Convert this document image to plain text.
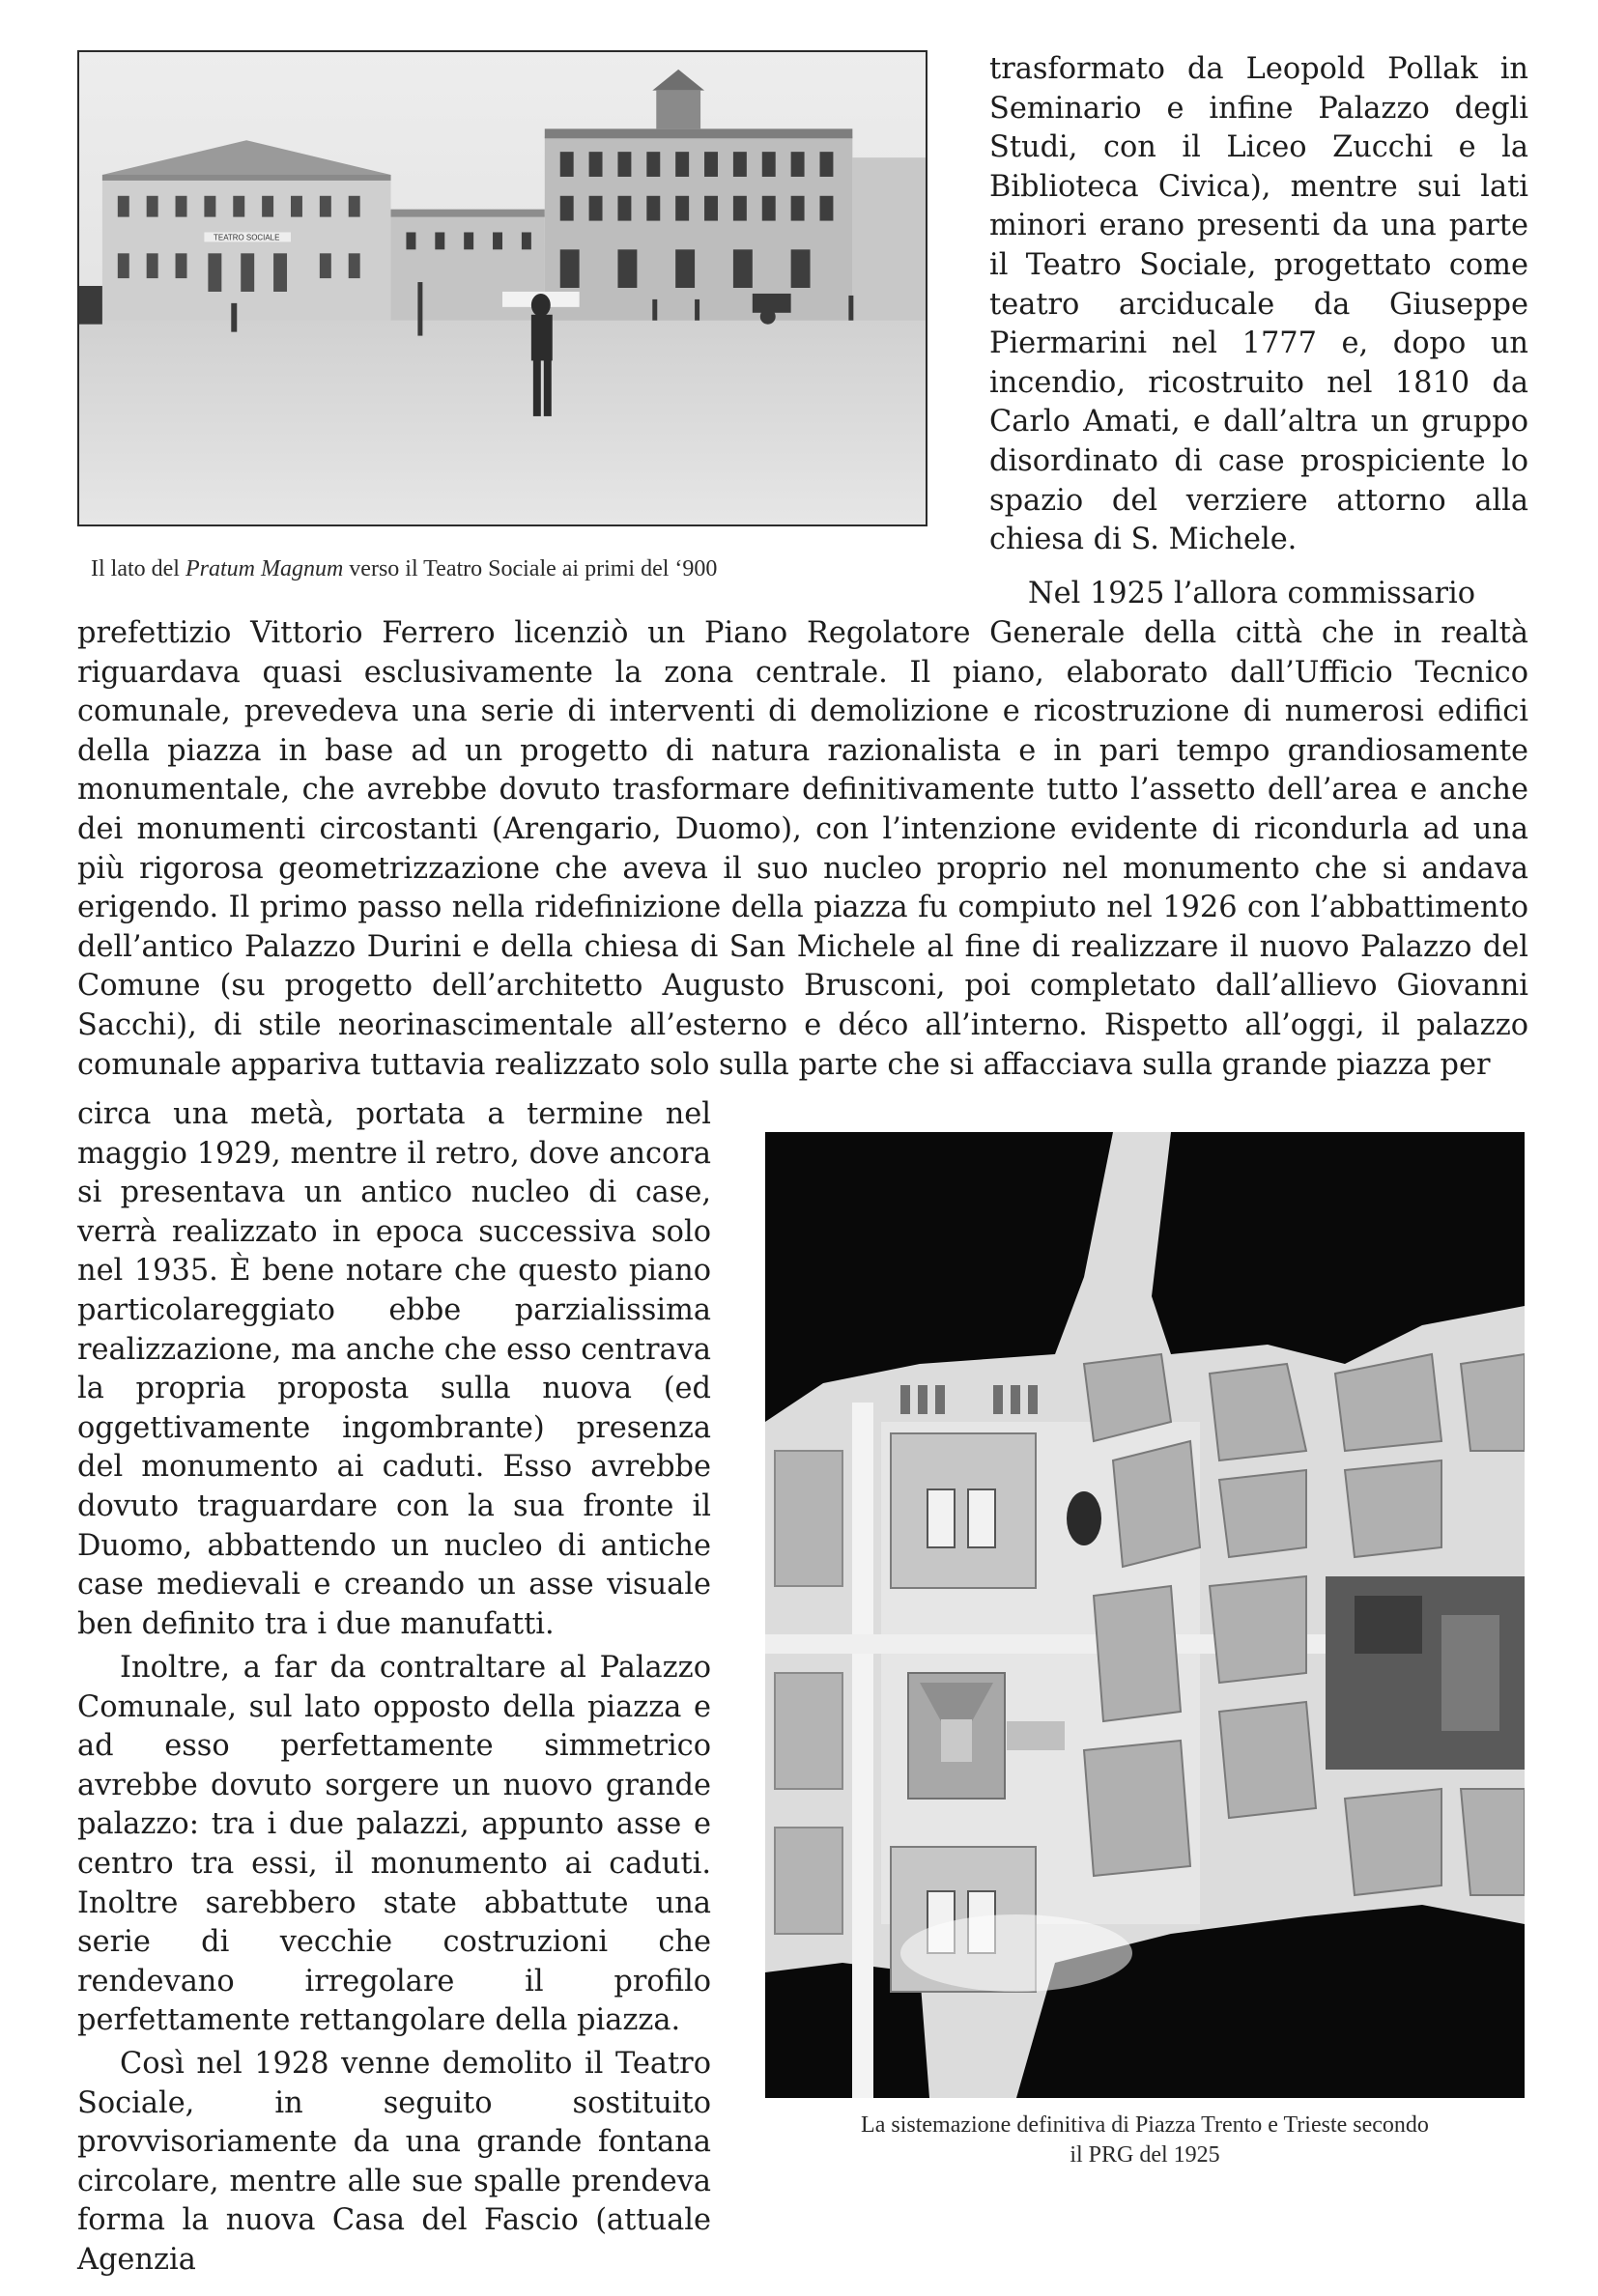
TEATRO SOCIALE

Il lato del Pratum Magnum verso il Teatro Sociale ai primi del ‘900

trasformato da Leopold Pollak in Seminario e infine Palazzo degli Studi, con il Liceo Zucchi e la Biblioteca Civica), mentre sui lati minori erano presenti da una parte il Teatro Sociale, progettato come teatro arciducale da Giuseppe Piermarini nel 1777 e, dopo un incendio, ricostruito nel 1810 da Carlo Amati, e dall’altra un gruppo disordinato di case prospiciente lo spazio del verziere attorno alla chiesa di S. Michele.

Nel 1925 l’allora commissario

prefettizio Vittorio Ferrero licenziò un Piano Regolatore Generale della città che in realtà riguardava quasi esclusivamente la zona centrale. Il piano, elaborato dall’Ufficio Tecnico comunale, prevedeva una serie di interventi di demolizione e ricostruzione di numerosi edifici della piazza in base ad un progetto di natura razionalista e in pari tempo grandiosamente monumentale, che avrebbe dovuto trasformare definitivamente tutto l’assetto dell’area e anche dei monumenti circostanti (Arengario, Duomo), con l’intenzione evidente di ricondurla ad una più rigorosa geometrizzazione che aveva il suo nucleo proprio nel monumento che si andava erigendo. Il primo passo nella ridefinizione della piazza fu compiuto nel 1926 con l’abbattimento dell’antico Palazzo Durini e della chiesa di San Michele al fine di realizzare il nuovo Palazzo del Comune (su progetto dell’architetto Augusto Brusconi, poi completato dall’allievo Giovanni Sacchi), di stile neorinascimentale all’esterno e déco all’interno. Rispetto all’oggi, il palazzo comunale appariva tuttavia realizzato solo sulla parte che si affacciava sulla grande piazza per

circa una metà, portata a termine nel maggio 1929, mentre il retro, dove ancora si presentava un antico nucleo di case, verrà realizzato in epoca successiva solo nel 1935. È bene notare che questo piano particolareggiato ebbe parzialissima realizzazione, ma anche che esso centrava la propria proposta sulla nuova (ed oggettivamente ingombrante) presenza del monumento ai caduti. Esso avrebbe dovuto traguardare con la sua fronte il Duomo, abbattendo un nucleo di antiche case medievali e creando un asse visuale ben definito tra i due manufatti.

Inoltre, a far da contraltare al Palazzo Comunale, sul lato opposto della piazza e ad esso perfettamente simmetrico avrebbe dovuto sorgere un nuovo grande palazzo: tra i due palazzi, appunto asse e centro tra essi, il monumento ai caduti. Inoltre sarebbero state abbattute una serie di vecchie costruzioni che rendevano irregolare il profilo perfettamente rettangolare della piazza.

Così nel 1928 venne demolito il Teatro Sociale, in seguito sostituito provvisoriamente da una grande fontana circolare, mentre alle sue spalle prendeva forma la nuova Casa del Fascio (attuale Agenzia

La sistemazione definitiva di Piazza Trento e Trieste secondo
il PRG del 1925
